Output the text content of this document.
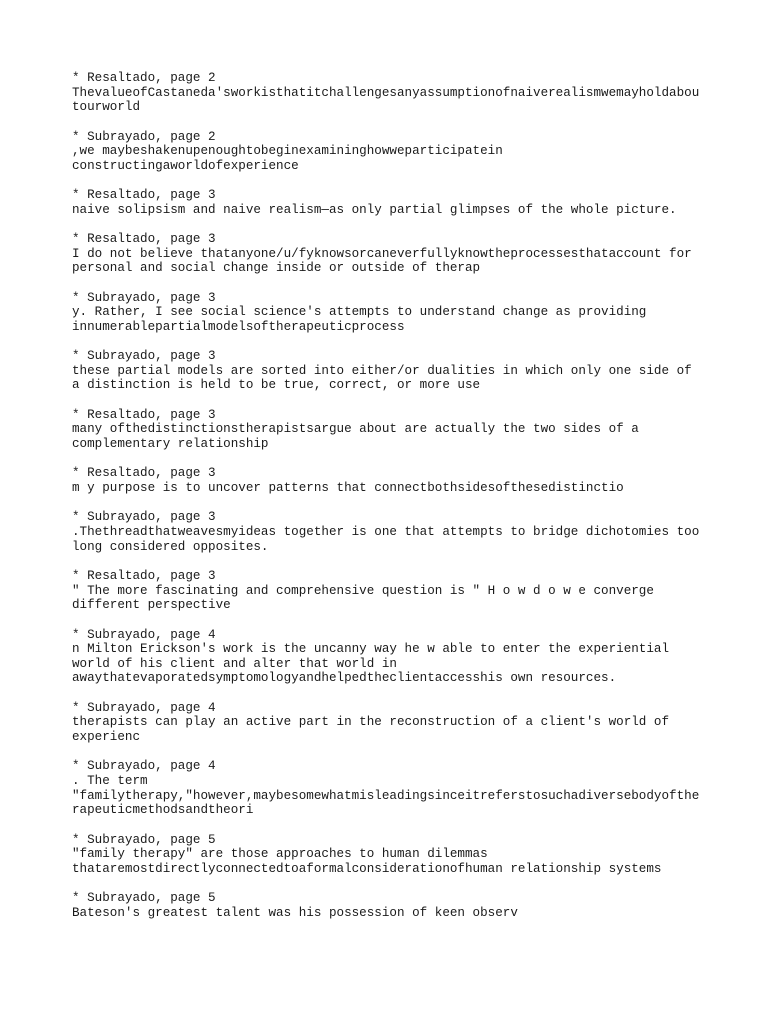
* Resaltado, page 2
ThevalueofCastaneda'sworkisthatitchallengesanyassumptionofnaiverealismwemayholdabou
tourworld
* Subrayado, page 2
,we maybeshakenupenoughtobeginexamininghowweparticipatein
constructingaworldofexperience
* Resaltado, page 3
naive solipsism and naive realism—as only partial glimpses of the whole picture.
* Resaltado, page 3
I do not believe thatanyone/u/fyknowsorcaneverfullyknowtheprocessesthataccount for
personal and social change inside or outside of therap
* Subrayado, page 3
y. Rather, I see social science's attempts to understand change as providing
innumerablepartialmodelsoftherapeuticprocess
* Subrayado, page 3
these partial models are sorted into either/or dualities in which only one side of
a distinction is held to be true, correct, or more use
* Resaltado, page 3
many ofthedistinctionstherapistsargue about are actually the two sides of a
complementary relationship
* Resaltado, page 3
m y purpose is to uncover patterns that connectbothsidesofthesedistinctio
* Subrayado, page 3
.Thethreadthatweavesmyideas together is one that attempts to bridge dichotomies too
long considered opposites.
* Resaltado, page 3
" The more fascinating and comprehensive question is " H o w d o w e converge
different perspective
* Subrayado, page 4
n Milton Erickson's work is the uncanny way he w able to enter the experiential
world of his client and alter that world in
awaythatevaporatedsymptomologyandhelpedtheclientaccesshis own resources.
* Subrayado, page 4
therapists can play an active part in the reconstruction of a client's world of
experienc
* Subrayado, page 4
. The term
"familytherapy,"however,maybesomewhatmisleadingsinceitreferstosuchadiversebodyofthe
rapeuticmethodsandtheori
* Subrayado, page 5
"family therapy" are those approaches to human dilemmas
thataremostdirectlyconnectedtoaformalconsiderationofhuman relationship systems
* Subrayado, page 5
Bateson's greatest talent was his possession of keen observ
